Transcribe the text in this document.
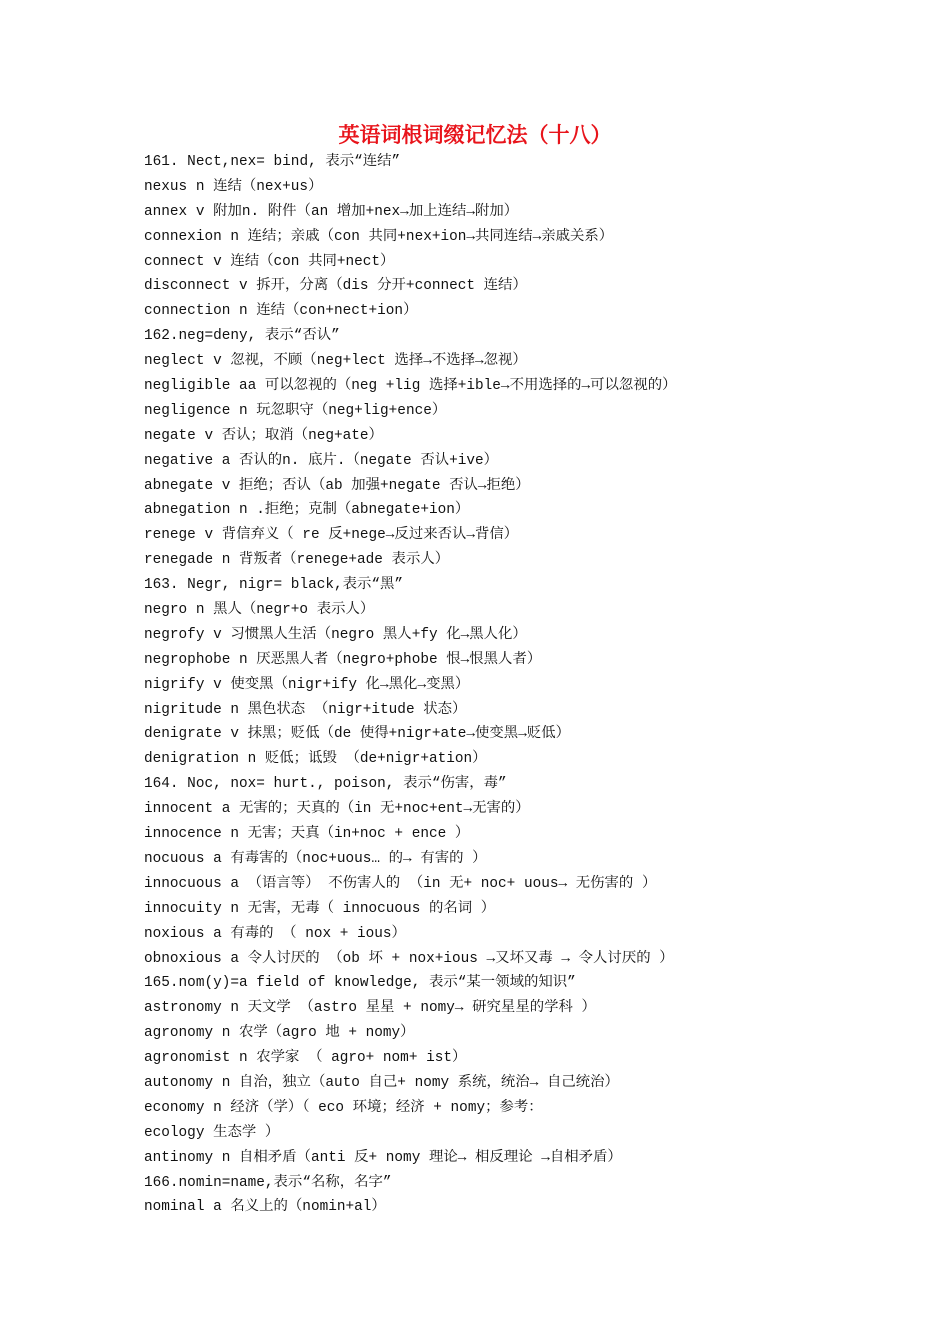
英语词根词缀记忆法（十八）
161. Nect,nex= bind, 表示“连结”
nexus n 连结（nex+us）
annex v 附加n. 附件（an 增加+nex→加上连结→附加）
connexion n 连结；亲戚（con 共同+nex+ion→共同连结→亲戚关系）
connect v 连结（con 共同+nect）
disconnect v 拆开，分离（dis 分开+connect 连结）
connection n 连结（con+nect+ion）
162.neg=deny, 表示“否认”
neglect v 忽视，不顾（neg+lect 选择→不选择→忽视）
negligible aa 可以忽视的（neg +lig 选择+ible→不用选择的→可以忽视的）
negligence n 玩忽职守（neg+lig+ence）
negate v 否认；取消（neg+ate）
negative a 否认的n. 底片.（negate 否认+ive）
abnegate v 拒绝；否认（ab 加强+negate 否认→拒绝）
abnegation n .拒绝；克制（abnegate+ion）
renege v 背信弃义（ re 反+nege→反过来否认→背信）
renegade n 背叛者（renege+ade 表示人）
163. Negr, nigr= black,表示“黑”
negro n 黑人（negr+o 表示人）
negrofy v 习惯黑人生活（negro 黑人+fy 化→黑人化）
negrophobe n 厌恶黑人者（negro+phobe 恨→恨黑人者）
nigrify v 使变黑（nigr+ify 化→黑化→变黑）
nigritude n 黑色状态 （nigr+itude 状态）
denigrate v 抹黑；贬低（de 使得+nigr+ate→使变黑→贬低）
denigration n 贬低；诋毁 （de+nigr+ation）
164. Noc, nox= hurt., poison, 表示“伤害，毒”
innocent a 无害的；天真的（in 无+noc+ent→无害的）
innocence n 无害；天真（in+noc + ence ）
nocuous a 有毒害的（noc+uous… 的→ 有害的 ）
innocuous a （语言等） 不伤害人的 （in 无+ noc+ uous→ 无伤害的 ）
innocuity n 无害，无毒（ innocuous 的名词 ）
noxious a 有毒的 （ nox + ious）
obnoxious a 令人讨厌的 （ob 坏 + nox+ious →又坏又毒 → 令人讨厌的 ）
165.nom(y)=a field of knowledge, 表示“某一领域的知识”
astronomy n 天文学 （astro 星星 + nomy→ 研究星星的学科 ）
agronomy n 农学（agro 地 + nomy）
agronomist n 农学家 （ agro+ nom+ ist）
autonomy n 自治，独立（auto 自己+ nomy 系统，统治→ 自己统治）
economy n 经济（学）（ eco 环境；经济 + nomy；参考：
ecology 生态学 ）
antinomy n 自相矛盾（anti 反+ nomy 理论→ 相反理论 →自相矛盾）
166.nomin=name,表示“名称，名字”
nominal a 名义上的（nomin+al）
